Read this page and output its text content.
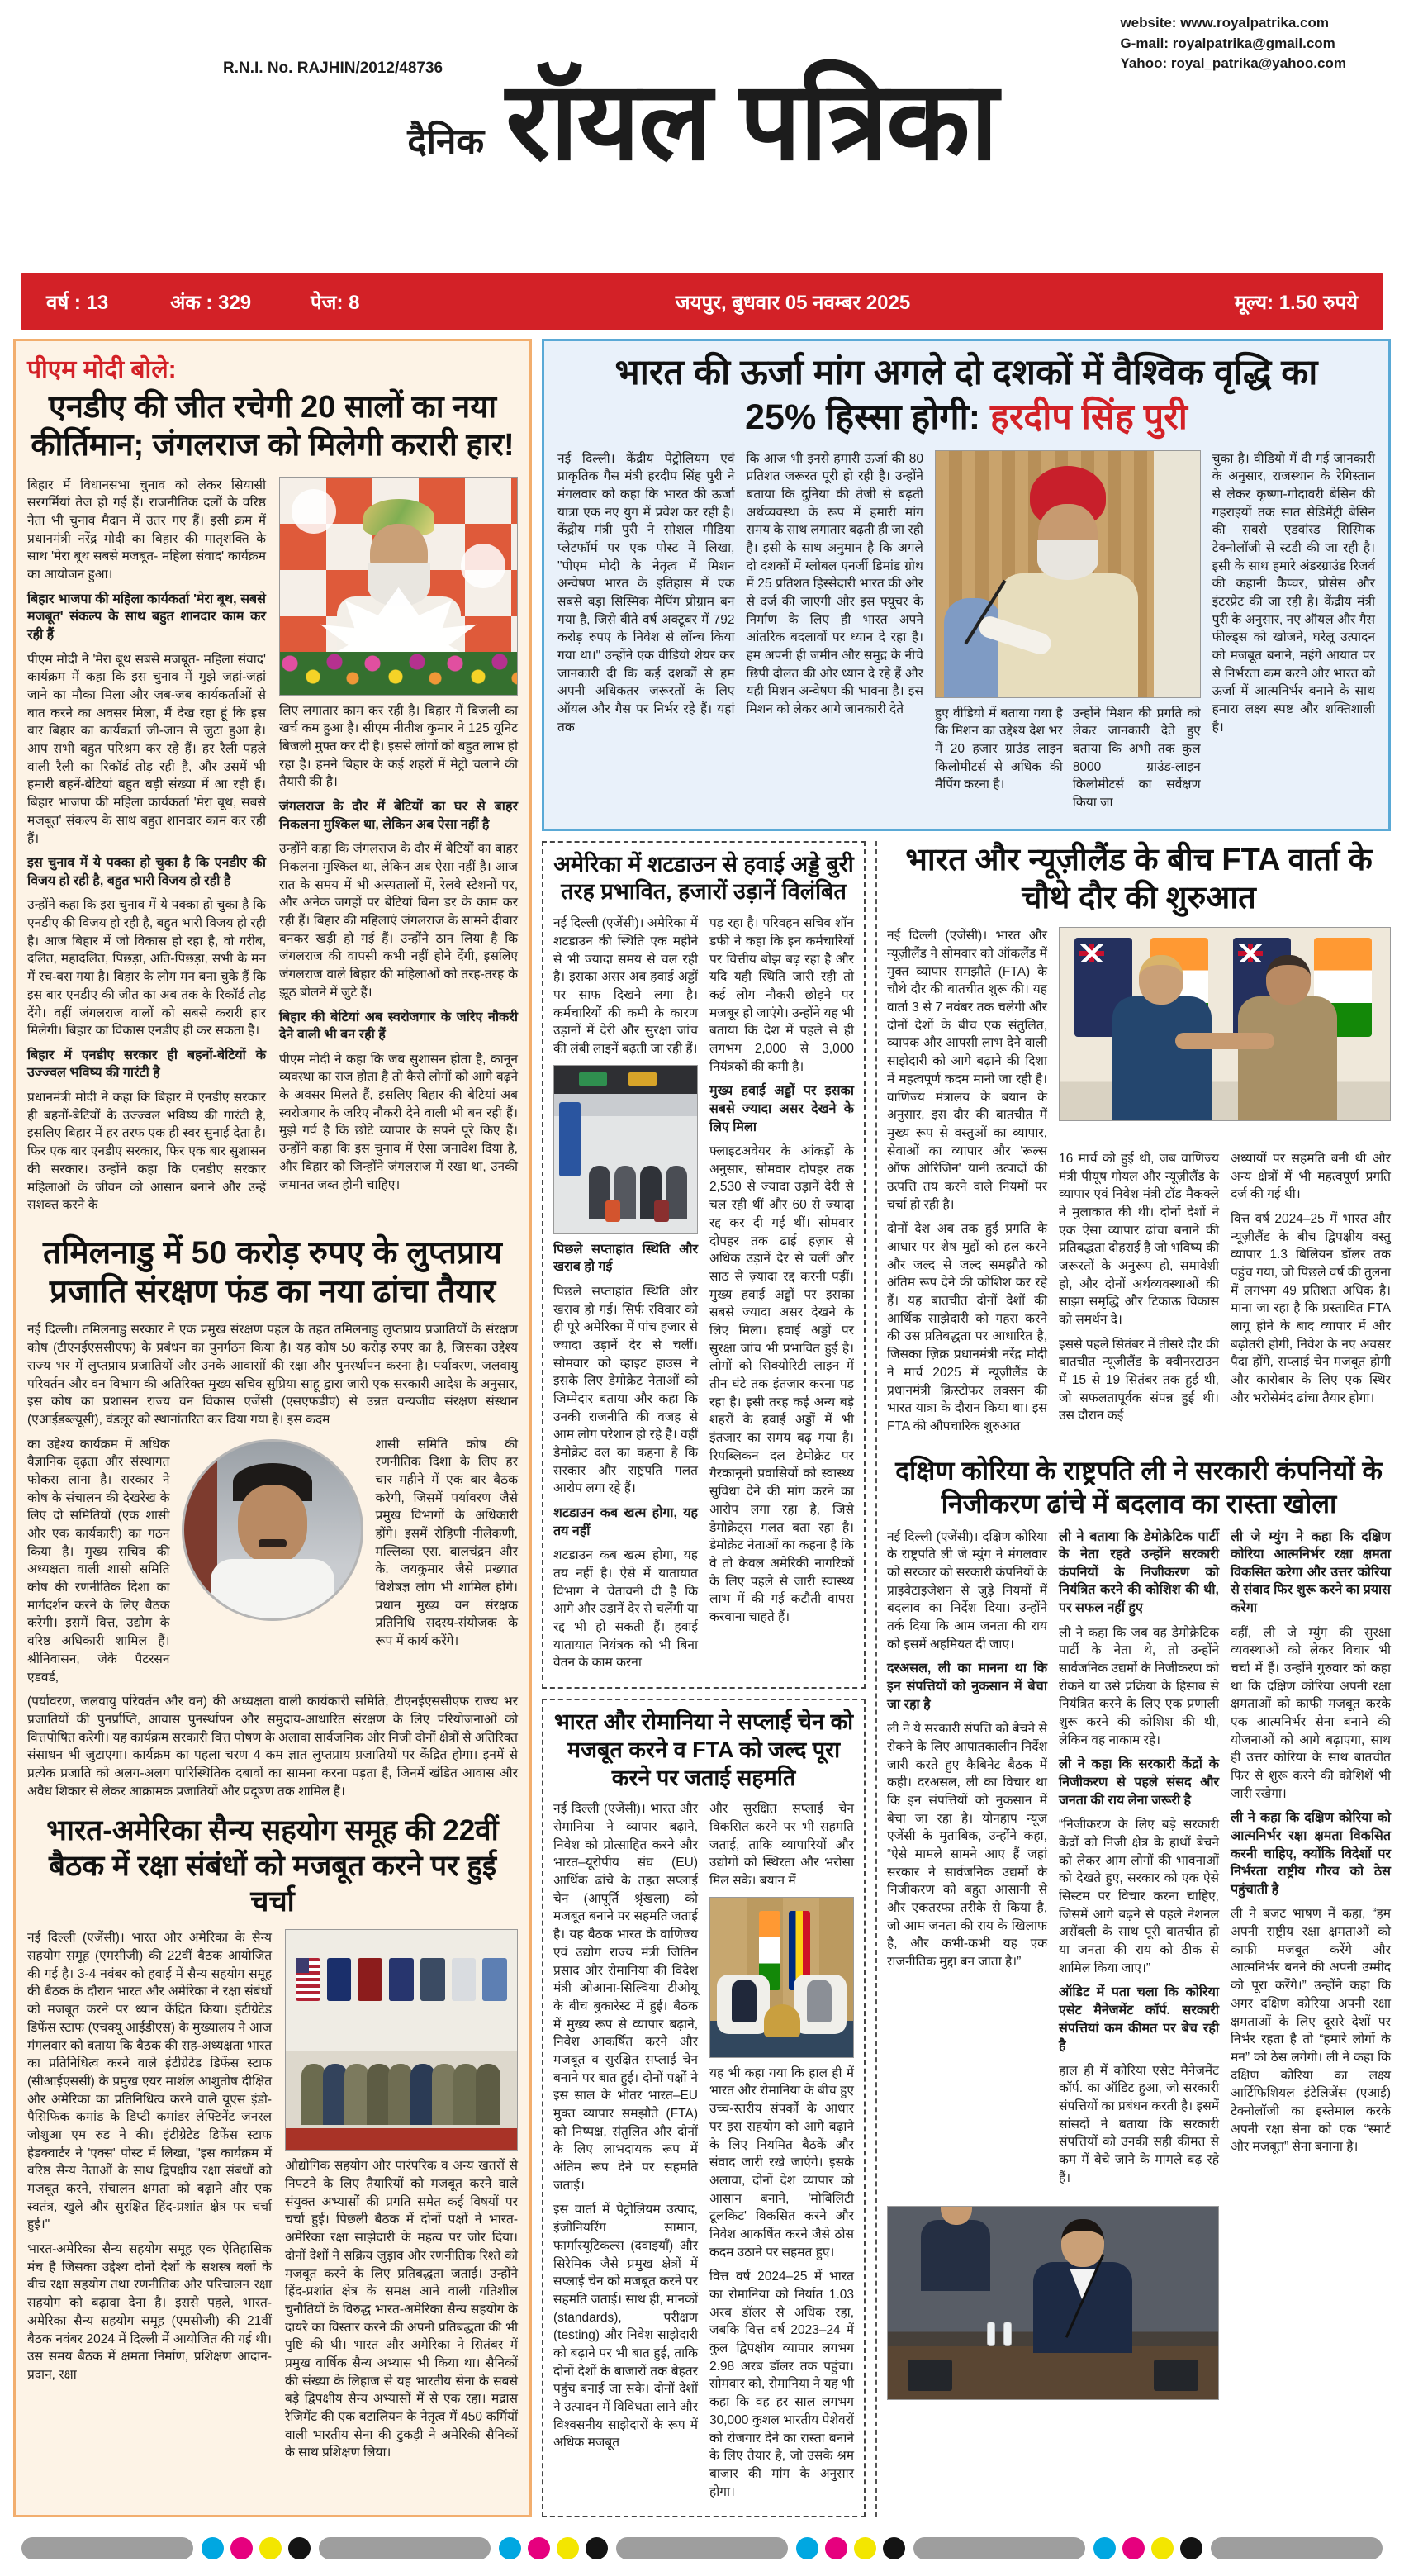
R.N.I. No. RAJHIN/2012/48736
website: www.royalpatrika.com
G-mail: royalpatrika@gmail.com
Yahoo: royal_patrika@yahoo.com
दैनिक रॉयल पत्रिका
वर्ष : 13	अंक : 329	पेज: 8	जयपुर, बुधवार 05 नवम्बर 2025	मूल्य: 1.50 रुपये
पीएम मोदी बोले:
एनडीए की जीत रचेगी 20 सालों का नया कीर्तिमान; जंगलराज को मिलेगी करारी हार!

बिहार में विधानसभा चुनाव को लेकर सियासी सरगर्मियां तेज हो गई हैं। राजनीतिक दलों के वरिष्ठ नेता भी चुनाव मैदान में उतर गए हैं। इसी क्रम में प्रधानमंत्री नरेंद्र मोदी का बिहार की मातृशक्ति के साथ 'मेरा बूथ सबसे मजबूत- महिला संवाद' कार्यक्रम का आयोजन हुआ।

बिहार भाजपा की महिला कार्यकर्ता 'मेरा बूथ, सबसे मजबूत' संकल्प के साथ बहुत शानदार काम कर रही हैं

पीएम मोदी ने 'मेरा बूथ सबसे मजबूत- महिला संवाद' कार्यक्रम में कहा कि इस चुनाव में मुझे जहां-जहां जाने का मौका मिला और जब-जब कार्यकर्ताओं से बात करने का अवसर मिला, मैं देख रहा हूं कि इस बार बिहार का कार्यकर्ता जी-जान से जुटा हुआ है। आप सभी बहुत परिश्रम कर रहे हैं। हर रैली पहले वाली रैली का रिकॉर्ड तोड़ रही है, और उसमें भी हमारी बहनें-बेटियां बहुत बड़ी संख्या में आ रही हैं। बिहार भाजपा की महिला कार्यकर्ता 'मेरा बूथ, सबसे मजबूत' संकल्प के साथ बहुत शानदार काम कर रही हैं।

इस चुनाव में ये पक्का हो चुका है कि एनडीए की विजय हो रही है, बहुत भारी विजय हो रही है

उन्होंने कहा कि इस चुनाव में ये पक्का हो चुका है कि एनडीए की विजय हो रही है, बहुत भारी विजय हो रही है। आज बिहार में जो विकास हो रहा है, वो गरीब, दलित, महादलित, पिछड़ा, अति-पिछड़ा, सभी के मन में रच-बस गया है। बिहार के लोग मन बना चुके हैं कि इस बार एनडीए की जीत का अब तक के रिकॉर्ड तोड़ देंगे। वहीं जंगलराज वालों को सबसे करारी हार मिलेगी। बिहार का विकास एनडीए ही कर सकता है।

बिहार में एनडीए सरकार ही बहनों-बेटियों के उज्ज्वल भविष्य की गारंटी है

प्रधानमंत्री मोदी ने कहा कि बिहार में एनडीए सरकार ही बहनों-बेटियों के उज्ज्वल भविष्य की गारंटी है, इसलिए बिहार में हर तरफ एक ही स्वर सुनाई देता है। फिर एक बार एनडीए सरकार, फिर एक बार सुशासन की सरकार। उन्होंने कहा कि एनडीए सरकार महिलाओं के जीवन को आसान बनाने और उन्हें सशक्त करने के

लिए लगातार काम कर रही है। बिहार में बिजली का खर्च कम हुआ है। सीएम नीतीश कुमार ने 125 यूनिट बिजली मुफ्त कर दी है। इससे लोगों को बहुत लाभ हो रहा है। हमने बिहार के कई शहरों में मेट्रो चलाने की तैयारी की है।

जंगलराज के दौर में बेटियों का घर से बाहर निकलना मुश्किल था, लेकिन अब ऐसा नहीं है

उन्होंने कहा कि जंगलराज के दौर में बेटियों का बाहर निकलना मुश्किल था, लेकिन अब ऐसा नहीं है। आज रात के समय में भी अस्पतालों में, रेलवे स्टेशनों पर, और अनेक जगहों पर बेटियां बिना डर के काम कर रही हैं। बिहार की महिलाएं जंगलराज के सामने दीवार बनकर खड़ी हो गई हैं। उन्होंने ठान लिया है कि जंगलराज की वापसी कभी नहीं होने देंगी, इसलिए जंगलराज वाले बिहार की महिलाओं को तरह-तरह के झूठ बोलने में जुटे हैं।

बिहार की बेटियां अब स्वरोजगार के जरिए नौकरी देने वाली भी बन रही हैं

पीएम मोदी ने कहा कि जब सुशासन होता है, कानून व्यवस्था का राज होता है तो कैसे लोगों को आगे बढ़ने के अवसर मिलते हैं, इसलिए बिहार की बेटियां अब स्वरोजगार के जरिए नौकरी देने वाली भी बन रही हैं। मुझे गर्व है कि छोटे व्यापार के सपने पूरे किए हैं। उन्होंने कहा कि इस चुनाव में ऐसा जनादेश दिया है, और बिहार को जिन्होंने जंगलराज में रखा था, उनकी जमानत जब्त होनी चाहिए।

तमिलनाडु में 50 करोड़ रुपए के लुप्तप्राय प्रजाति संरक्षण फंड का नया ढांचा तैयार

नई दिल्ली। तमिलनाडु सरकार ने एक प्रमुख संरक्षण पहल के तहत तमिलनाडु लुप्तप्राय प्रजातियों के संरक्षण कोष (टीएनईएससीएफ) के प्रबंधन का पुनर्गठन किया है। यह कोष 50 करोड़ रुपए का है, जिसका उद्देश्य राज्य भर में लुप्तप्राय प्रजातियों और उनके आवासों की रक्षा और पुनर्स्थापन करना है। पर्यावरण, जलवायु परिवर्तन और वन विभाग की अतिरिक्त मुख्य सचिव सुप्रिया साहू द्वारा जारी एक सरकारी आदेश के अनुसार, इस कोष का प्रशासन राज्य वन विकास एजेंसी (एसएफडीए) से उन्नत वन्यजीव संरक्षण संस्थान (एआईडब्ल्यूसी), वंडलूर को स्थानांतरित कर दिया गया है। इस कदम

का उद्देश्य कार्यक्रम में अधिक वैज्ञानिक दृढ़ता और संस्थागत फोकस लाना है। सरकार ने कोष के संचालन की देखरेख के लिए दो समितियों (एक शासी और एक कार्यकारी) का गठन किया है। मुख्य सचिव की अध्यक्षता वाली शासी समिति कोष की रणनीतिक दिशा का मार्गदर्शन करने के लिए बैठक करेगी। इसमें वित्त, उद्योग के वरिष्ठ अधिकारी शामिल हैं। श्रीनिवासन, जेके पैटरसन एडवर्ड,

शासी समिति कोष की रणनीतिक दिशा के लिए हर चार महीने में एक बार बैठक करेगी, जिसमें पर्यावरण जैसे प्रमुख विभागों के अधिकारी होंगे। इसमें रोहिणी नीलेकणी, मल्लिका एस. बालचंद्रन और के. जयकुमार जैसे प्रख्यात विशेषज्ञ लोग भी शामिल होंगे। प्रधान मुख्य वन संरक्षक प्रतिनिधि सदस्य-संयोजक के रूप में कार्य करेंगे।

(पर्यावरण, जलवायु परिवर्तन और वन) की अध्यक्षता वाली कार्यकारी समिति, टीएनईएससीएफ राज्य भर प्रजातियों की पुनर्प्राप्ति, आवास पुनर्स्थापन और समुदाय-आधारित संरक्षण के लिए परियोजनाओं को वित्तपोषित करेगी। यह कार्यक्रम सरकारी वित्त पोषण के अलावा सार्वजनिक और निजी दोनों क्षेत्रों से अतिरिक्त संसाधन भी जुटाएगा। कार्यक्रम का पहला चरण 4 कम ज्ञात लुप्तप्राय प्रजातियों पर केंद्रित होगा। इनमें से प्रत्येक प्रजाति को अलग-अलग पारिस्थितिक दबावों का सामना करना पड़ता है, जिनमें खंडित आवास और अवैध शिकार से लेकर आक्रामक प्रजातियों और प्रदूषण तक शामिल हैं।

भारत-अमेरिका सैन्य सहयोग समूह की 22वीं बैठक में रक्षा संबंधों को मजबूत करने पर हुई चर्चा

नई दिल्ली (एजेंसी)। भारत और अमेरिका के सैन्य सहयोग समूह (एमसीजी) की 22वीं बैठक आयोजित की गई है। 3-4 नवंबर को हवाई में सैन्य सहयोग समूह की बैठक के दौरान भारत और अमेरिका ने रक्षा संबंधों को मजबूत करने पर ध्यान केंद्रित किया। इंटीग्रेटेड डिफेंस स्टाफ (एचक्यू आईडीएस) के मुख्यालय ने आज मंगलवार को बताया कि बैठक की सह-अध्यक्षता भारत का प्रतिनिधित्व करने वाले इंटीग्रेटेड डिफेंस स्टाफ (सीआईएससी) के प्रमुख एयर मार्शल आशुतोष दीक्षित और अमेरिका का प्रतिनिधित्व करने वाले यूएस इंडो-पैसिफिक कमांड के डिप्टी कमांडर लेफ्टिनेंट जनरल जोशुआ एम रुड ने की। इंटीग्रेटेड डिफेंस स्टाफ हेडक्वार्टर ने 'एक्स' पोस्ट में लिखा, "इस कार्यक्रम में वरिष्ठ सैन्य नेताओं के साथ द्विपक्षीय रक्षा संबंधों को मजबूत करने, संचालन क्षमता को बढ़ाने और एक स्वतंत्र, खुले और सुरक्षित हिंद-प्रशांत क्षेत्र पर चर्चा हुई।"

भारत-अमेरिका सैन्य सहयोग समूह एक ऐतिहासिक मंच है जिसका उद्देश्य दोनों देशों के सशस्त्र बलों के बीच रक्षा सहयोग तथा रणनीतिक और परिचालन रक्षा सहयोग को बढ़ावा देना है। इससे पहले, भारत-अमेरिका सैन्य सहयोग समूह (एमसीजी) की 21वीं बैठक नवंबर 2024 में दिल्ली में आयोजित की गई थी। उस समय बैठक में क्षमता निर्माण, प्रशिक्षण आदान-प्रदान, रक्षा

औद्योगिक सहयोग और पारंपरिक व अन्य खतरों से निपटने के लिए तैयारियों को मजबूत करने वाले संयुक्त अभ्यासों की प्रगति समेत कई विषयों पर चर्चा हुई। पिछली बैठक में दोनों पक्षों ने भारत-अमेरिका रक्षा साझेदारी के महत्व पर जोर दिया। दोनों देशों ने सक्रिय जुड़ाव और रणनीतिक रिश्ते को मजबूत करने के लिए प्रतिबद्धता जताई। उन्होंने हिंद-प्रशांत क्षेत्र के समक्ष आने वाली गतिशील चुनौतियों के विरुद्ध भारत-अमेरिका सैन्य सहयोग के दायरे का विस्तार करने की अपनी प्रतिबद्धता की भी पुष्टि की थी। भारत और अमेरिका ने सितंबर में प्रमुख वार्षिक सैन्य अभ्यास भी किया था। सैनिकों की संख्या के लिहाज से यह भारतीय सेना के सबसे बड़े द्विपक्षीय सैन्य अभ्यासों में से एक रहा। मद्रास रेजिमेंट की एक बटालियन के नेतृत्व में 450 कर्मियों वाली भारतीय सेना की टुकड़ी ने अमेरिकी सैनिकों के साथ प्रशिक्षण लिया।

भारत की ऊर्जा मांग अगले दो दशकों में वैश्विक वृद्धि का
25% हिस्सा होगी: हरदीप सिंह पुरी

नई दिल्ली। केंद्रीय पेट्रोलियम एवं प्राकृतिक गैस मंत्री हरदीप सिंह पुरी ने मंगलवार को कहा कि भारत की ऊर्जा यात्रा एक नए युग में प्रवेश कर रही है। केंद्रीय मंत्री पुरी ने सोशल मीडिया प्लेटफॉर्म पर एक पोस्ट में लिखा, "पीएम मोदी के नेतृत्व में मिशन अन्वेषण भारत के इतिहास में एक सबसे बड़ा सिस्मिक मैपिंग प्रोग्राम बन गया है, जिसे बीते वर्ष अक्टूबर में 792 करोड़ रुपए के निवेश से लॉन्च किया गया था।" उन्होंने एक वीडियो शेयर कर जानकारी दी कि कई दशकों से हम अपनी अधिकतर जरूरतों के लिए ऑयल और गैस पर निर्भर रहे हैं। यहां तक

कि आज भी इनसे हमारी ऊर्जा की 80 प्रतिशत जरूरत पूरी हो रही है। उन्होंने बताया कि दुनिया की तेजी से बढ़ती अर्थव्यवस्था के रूप में हमारी मांग समय के साथ लगातार बढ़ती ही जा रही है। इसी के साथ अनुमान है कि अगले दो दशकों में ग्लोबल एनर्जी डिमांड ग्रोथ में 25 प्रतिशत हिस्सेदारी भारत की ओर से दर्ज की जाएगी और इस फ्यूचर के निर्माण के लिए ही भारत अपने आंतरिक बदलावों पर ध्यान दे रहा है। हम अपनी ही जमीन और समुद्र के नीचे छिपी दौलत की ओर ध्यान दे रहे हैं और यही मिशन अन्वेषण की भावना है। इस मिशन को लेकर आगे जानकारी देते	हुए वीडियो में बताया गया है कि मिशन का उद्देश्य देश भर में 20 हजार ग्राउंड लाइन किलोमीटर्स से अधिक की मैपिंग करना है।

उन्होंने मिशन की प्रगति को लेकर जानकारी देते हुए बताया कि अभी तक कुल 8000 ग्राउंड-लाइन किलोमीटर्स का सर्वेक्षण किया जा

चुका है। वीडियो में दी गई जानकारी के अनुसार, राजस्थान के रेगिस्तान से लेकर कृष्णा-गोदावरी बेसिन की गहराइयों तक सात सेडिमेंट्री बेसिन की सबसे एडवांस्ड सिस्मिक टेक्नोलॉजी से स्टडी की जा रही है। इसी के साथ हमारे अंडरग्राउंड रिजर्व की कहानी कैप्चर, प्रोसेस और इंटरप्रेट की जा रही है। केंद्रीय मंत्री पुरी के अनुसार, नए ऑयल और गैस फील्ड्स को खोजने, घरेलू उत्पादन को मजबूत बनाने, महंगे आयात पर से निर्भरता कम करने और भारत को ऊर्जा में आत्मनिर्भर बनाने के साथ हमारा लक्ष्य स्पष्ट और शक्तिशाली है।

अमेरिका में शटडाउन से हवाई अड्डे बुरी तरह प्रभावित, हजारों उड़ानें विलंबित

नई दिल्ली (एजेंसी)। अमेरिका में शटडाउन की स्थिति एक महीने से भी ज्यादा समय से चल रही है। इसका असर अब हवाई अड्डों पर साफ दिखने लगा है। कर्मचारियों की कमी के कारण उड़ानों में देरी और सुरक्षा जांच की लंबी लाइनें बढ़ती जा रही हैं।

पिछले सप्ताहांत स्थिति और खराब हो गई

पिछले सप्ताहांत स्थिति और खराब हो गई। सिर्फ रविवार को ही पूरे अमेरिका में पांच हजार से ज्यादा उड़ानें देर से चलीं। सोमवार को व्हाइट हाउस ने इसके लिए डेमोक्रेट नेताओं को जिम्मेदार बताया और कहा कि उनकी राजनीति की वजह से आम लोग परेशान हो रहे हैं। वहीं डेमोक्रेट दल का कहना है कि सरकार और राष्ट्रपति गलत आरोप लगा रहे हैं।

शटडाउन कब खत्म होगा, यह तय नहीं

शटडाउन कब खत्म होगा, यह तय नहीं है। ऐसे में यातायात विभाग ने चेतावनी दी है कि आगे और उड़ानें देर से चलेंगी या रद्द भी हो सकती हैं। हवाई यातायात नियंत्रक को भी बिना वेतन के काम करना

पड़ रहा है। परिवहन सचिव शॉन डफी ने कहा कि इन कर्मचारियों पर वित्तीय बोझ बढ़ रहा है और यदि यही स्थिति जारी रही तो कई लोग नौकरी छोड़ने पर मजबूर हो जाएंगे। उन्होंने यह भी बताया कि देश में पहले से ही लगभग 2,000 से 3,000 नियंत्रकों की कमी है।

मुख्य हवाई अड्डों पर इसका सबसे ज्यादा असर देखने के लिए मिला

फ्लाइटअवेयर के आंकड़ों के अनुसार, सोमवार दोपहर तक 2,530 से ज्यादा उड़ानें देरी से चल रही थीं और 60 से ज्यादा रद्द कर दी गई थीं। सोमवार दोपहर तक ढाई हज़ार से अधिक उड़ानें देर से चलीं और साठ से ज़्यादा रद्द करनी पड़ीं। मुख्य हवाई अड्डों पर इसका सबसे ज्यादा असर देखने के लिए मिला। हवाई अड्डों पर सुरक्षा जांच भी प्रभावित हुई है। लोगों को सिक्योरिटी लाइन में तीन घंटे तक इंतजार करना पड़ रहा है। इसी तरह कई अन्य बड़े शहरों के हवाई अड्डों में भी इंतजार का समय बढ़ गया है। रिपब्लिकन दल डेमोक्रेट पर गैरकानूनी प्रवासियों को स्वास्थ्य सुविधा देने की मांग करने का आरोप लगा रहा है, जिसे डेमोक्रेट्स गलत बता रहा है। डेमोक्रेट नेताओं का कहना है कि वे तो केवल अमेरिकी नागरिकों के लिए पहले से जारी स्वास्थ्य लाभ में की गई कटौती वापस करवाना चाहते हैं।

भारत और रोमानिया ने सप्लाई चेन को मजबूत करने व FTA को जल्द पूरा करने पर जताई सहमति

नई दिल्ली (एजेंसी)। भारत और रोमानिया ने व्यापार बढ़ाने, निवेश को प्रोत्साहित करने और भारत–यूरोपीय संघ (EU) आर्थिक ढांचे के तहत सप्लाई चेन (आपूर्ति श्रृंखला) को मजबूत बनाने पर सहमति जताई है। यह बैठक भारत के वाणिज्य एवं उद्योग राज्य मंत्री जितिन प्रसाद और रोमानिया की विदेश मंत्री ओआना-सिल्विया टीओयू के बीच बुकारेस्ट में हुई। बैठक में मुख्य रूप से व्यापार बढ़ाने, निवेश आकर्षित करने और मजबूत व सुरक्षित सप्लाई चेन बनाने पर बात हुई। दोनों पक्षों ने इस साल के भीतर भारत–EU मुक्त व्यापार समझौते (FTA) को निष्पक्ष, संतुलित और दोनों के लिए लाभदायक रूप में अंतिम रूप देने पर सहमति जताई।

इस वार्ता में पेट्रोलियम उत्पाद, इंजीनियरिंग सामान, फार्मास्यूटिकल्स (दवाइयाँ) और सिरेमिक जैसे प्रमुख क्षेत्रों में सप्लाई चेन को मजबूत करने पर सहमति जताई। साथ ही, मानकों (standards), परीक्षण (testing) और निवेश साझेदारी को बढ़ाने पर भी बात हुई, ताकि दोनों देशों के बाजारों तक बेहतर पहुंच बनाई जा सके। दोनों देशों ने उत्पादन में विविधता लाने और विश्वसनीय साझेदारों के रूप में अधिक मजबूत

और सुरक्षित सप्लाई चेन विकसित करने पर भी सहमति जताई, ताकि व्यापारियों और उद्योगों को स्थिरता और भरोसा मिल सके। बयान में

यह भी कहा गया कि हाल ही में भारत और रोमानिया के बीच हुए उच्च-स्तरीय संपर्कों के आधार पर इस सहयोग को आगे बढ़ाने के लिए नियमित बैठकें और संवाद जारी रखे जाएंगे। इसके अलावा, दोनों देश व्यापार को आसान बनाने, 'मोबिलिटी टूलकिट' विकसित करने और निवेश आकर्षित करने जैसे ठोस कदम उठाने पर सहमत हुए।

वित्त वर्ष 2024–25 में भारत का रोमानिया को निर्यात 1.03 अरब डॉलर से अधिक रहा, जबकि वित्त वर्ष 2023–24 में कुल द्विपक्षीय व्यापार लगभग 2.98 अरब डॉलर तक पहुंचा। सोमवार को, रोमानिया ने यह भी कहा कि वह हर साल लगभग 30,000 कुशल भारतीय पेशेवरों को रोजगार देने का रास्ता बनाने के लिए तैयार है, जो उसके श्रम बाजार की मांग के अनुसार होगा।

भारत और न्यूज़ीलैंड के बीच FTA वार्ता के चौथे दौर की शुरुआत

नई दिल्ली (एजेंसी)। भारत और न्यूज़ीलैंड ने सोमवार को ऑकलैंड में मुक्त व्यापार समझौते (FTA) के चौथे दौर की बातचीत शुरू की। यह वार्ता 3 से 7 नवंबर तक चलेगी और दोनों देशों के बीच एक संतुलित, व्यापक और आपसी लाभ देने वाली साझेदारी को आगे बढ़ाने की दिशा में महत्वपूर्ण कदम मानी जा रही है। वाणिज्य मंत्रालय के बयान के अनुसार, इस दौर की बातचीत में मुख्य रूप से वस्तुओं का व्यापार, सेवाओं का व्यापार और 'रूल्स ऑफ ओरिजिन' यानी उत्पादों की उत्पत्ति तय करने वाले नियमों पर चर्चा हो रही है।

दोनों देश अब तक हुई प्रगति के आधार पर शेष मुद्दों को हल करने और जल्द से जल्द समझौते को अंतिम रूप देने की कोशिश कर रहे हैं। यह बातचीत दोनों देशों की आर्थिक साझेदारी को गहरा करने की उस प्रतिबद्धता पर आधारित है, जिसका ज़िक्र प्रधानमंत्री नरेंद्र मोदी ने मार्च 2025 में न्यूज़ीलैंड के प्रधानमंत्री क्रिस्टोफर लक्सन की भारत यात्रा के दौरान किया था। इस FTA की औपचारिक शुरुआत

16 मार्च को हुई थी, जब वाणिज्य मंत्री पीयूष गोयल और न्यूज़ीलैंड के व्यापार एवं निवेश मंत्री टॉड मैकक्ले ने मुलाकात की थी। दोनों देशों ने एक ऐसा व्यापार ढांचा बनाने की प्रतिबद्धता दोहराई है जो भविष्य की जरूरतों के अनुरूप हो, समावेशी हो, और दोनों अर्थव्यवस्थाओं की साझा समृद्धि और टिकाऊ विकास को समर्थन दे।

इससे पहले सितंबर में तीसरे दौर की बातचीत न्यूजीलैंड के क्वीनस्टाउन में 15 से 19 सितंबर तक हुई थी, जो सफलतापूर्वक संपन्न हुई थी। उस दौरान कई

अध्यायों पर सहमति बनी थी और अन्य क्षेत्रों में भी महत्वपूर्ण प्रगति दर्ज की गई थी।

वित्त वर्ष 2024–25 में भारत और न्यूज़ीलैंड के बीच द्विपक्षीय वस्तु व्यापार 1.3 बिलियन डॉलर तक पहुंच गया, जो पिछले वर्ष की तुलना में लगभग 49 प्रतिशत अधिक है। माना जा रहा है कि प्रस्तावित FTA लागू होने के बाद व्यापार में और बढ़ोतरी होगी, निवेश के नए अवसर पैदा होंगे, सप्लाई चेन मजबूत होगी और कारोबार के लिए एक स्थिर और भरोसेमंद ढांचा तैयार होगा।

दक्षिण कोरिया के राष्ट्रपति ली ने सरकारी कंपनियों के निजीकरण ढांचे में बदलाव का रास्ता खोला

नई दिल्ली (एजेंसी)। दक्षिण कोरिया के राष्ट्रपति ली जे म्युंग ने मंगलवार को सरकार को सरकारी कंपनियों के प्राइवेटाइजेशन से जुड़े नियमों में बदलाव का निर्देश दिया। उन्होंने तर्क दिया कि आम जनता की राय को इसमें अहमियत दी जाए।

दरअसल, ली का मानना था कि इन संपत्तियों को नुकसान में बेचा जा रहा है

ली ने ये सरकारी संपत्ति को बेचने से रोकने के लिए आपातकालीन निर्देश जारी करते हुए कैबिनेट बैठक में कही। दरअसल, ली का विचार था कि इन संपत्तियों को नुकसान में बेचा जा रहा है। योनहाप न्यूज एजेंसी के मुताबिक, उन्होंने कहा, “ऐसे मामले सामने आए हैं जहां सरकार ने सार्वजनिक उद्यमों के निजीकरण को बहुत आसानी से और एकतरफा तरीके से किया है, जो आम जनता की राय के खिलाफ है, और कभी-कभी यह एक राजनीतिक मुद्दा बन जाता है।”

ली ने बताया कि डेमोक्रेटिक पार्टी के नेता रहते उन्होंने सरकारी कंपनियों के निजीकरण को नियंत्रित करने की कोशिश की थी, पर सफल नहीं हुए

ली ने कहा कि जब वह डेमोक्रेटिक पार्टी के नेता थे, तो उन्होंने सार्वजनिक उद्यमों के निजीकरण को रोकने या उसे प्रक्रिया के हिसाब से नियंत्रित करने के लिए एक प्रणाली शुरू करने की कोशिश की थी, लेकिन वह नाकाम रहे।

ली ने कहा कि सरकारी केंद्रों के निजीकरण से पहले संसद और जनता की राय लेना जरूरी है

“निजीकरण के लिए बड़े सरकारी केंद्रों को निजी क्षेत्र के हाथों बेचने को लेकर आम लोगों की भावनाओं को देखते हुए, सरकार को एक ऐसे सिस्टम पर विचार करना चाहिए, जिसमें आगे बढ़ने से पहले नेशनल असेंबली के साथ पूरी बातचीत हो या जनता की राय को ठीक से शामिल किया जाए।”

ऑडिट में पता चला कि कोरिया एसेट मैनेजमेंट कॉर्प. सरकारी संपत्तियां कम कीमत पर बेच रही है

हाल ही में कोरिया एसेट मैनेजमेंट कॉर्प. का ऑडिट हुआ, जो सरकारी संपत्तियों का प्रबंधन करती है। इसमें सांसदों ने बताया कि सरकारी संपत्तियों को उनकी सही कीमत से कम में बेचे जाने के मामले बढ़ रहे हैं।

ली जे म्युंग ने कहा कि दक्षिण कोरिया आत्मनिर्भर रक्षा क्षमता विकसित करेगा और उत्तर कोरिया से संवाद फिर शुरू करने का प्रयास करेगा

वहीं, ली जे म्युंग की सुरक्षा व्यवस्थाओं को लेकर विचार भी चर्चा में हैं। उन्होंने गुरुवार को कहा था कि दक्षिण कोरिया अपनी रक्षा क्षमताओं को काफी मजबूत करके एक आत्मनिर्भर सेना बनाने की योजनाओं को आगे बढ़ाएगा, साथ ही उत्तर कोरिया के साथ बातचीत फिर से शुरू करने की कोशिशें भी जारी रखेगा।

ली ने कहा कि दक्षिण कोरिया को आत्मनिर्भर रक्षा क्षमता विकसित करनी चाहिए, क्योंकि विदेशों पर निर्भरता राष्ट्रीय गौरव को ठेस पहुंचाती है

ली ने बजट भाषण में कहा, “हम अपनी राष्ट्रीय रक्षा क्षमताओं को काफी मजबूत करेंगे और आत्मनिर्भर बनने की अपनी उम्मीद को पूरा करेंगे।” उन्होंने कहा कि अगर दक्षिण कोरिया अपनी रक्षा क्षमताओं के लिए दूसरे देशों पर निर्भर रहता है तो “हमारे लोगों के मन” को ठेस लगेगी। ली ने कहा कि दक्षिण कोरिया का लक्ष्य आर्टिफिशियल इंटेलिजेंस (एआ‌ई) टेक्नोलॉजी का इस्तेमाल करके अपनी रक्षा सेना को एक “स्मार्ट और मजबूत” सेना बनाना है।
